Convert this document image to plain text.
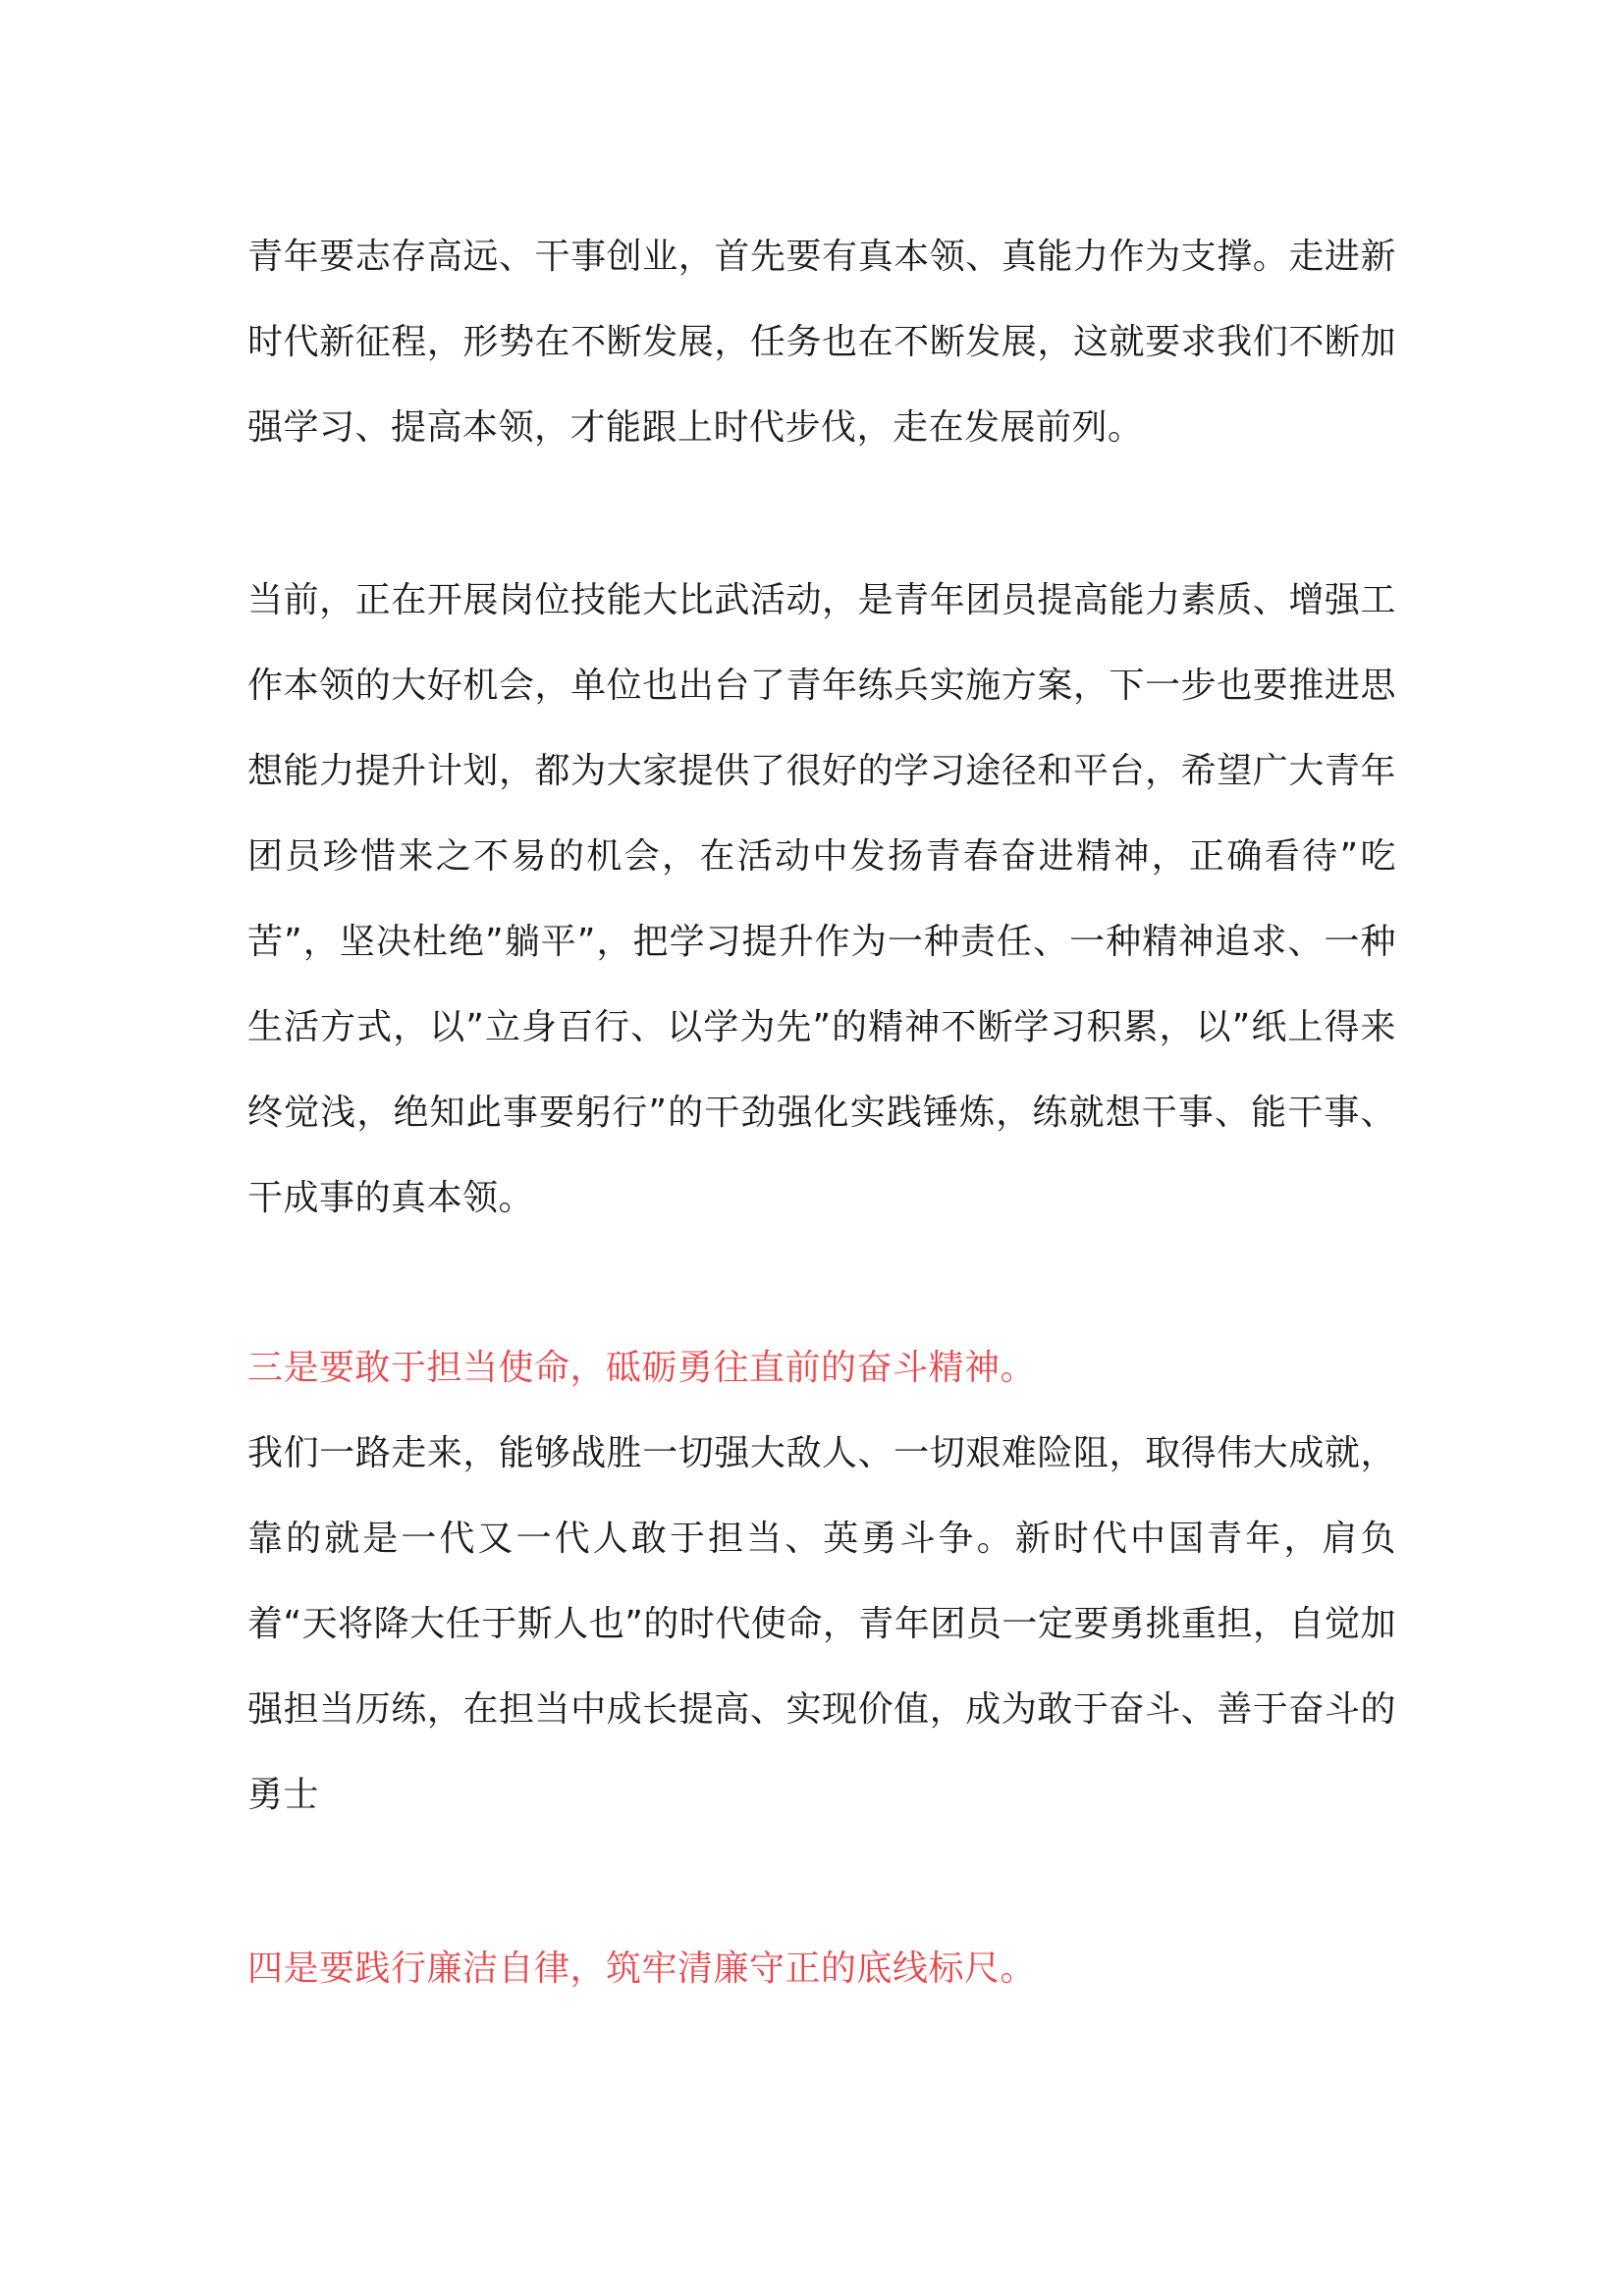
青年要志存高远、干事创业，首先要有真本领、真能力作为支撑。走进新时代新征程，形势在不断发展，任务也在不断发展，这就要求我们不断加强学习、提高本领，才能跟上时代步伐，走在发展前列。

当前，正在开展岗位技能大比武活动，是青年团员提高能力素质、增强工作本领的大好机会，单位也出台了青年练兵实施方案，下一步也要推进思想能力提升计划，都为大家提供了很好的学习途径和平台，希望广大青年团员珍惜来之不易的机会，在活动中发扬青春奋进精神，正确看待”吃苦”，坚决杜绝”躺平”，把学习提升作为一种责任、一种精神追求、一种生活方式，以”立身百行、以学为先”的精神不断学习积累，以”纸上得来终觉浅，绝知此事要躬行”的干劲强化实践锤炼，练就想干事、能干事、干成事的真本领。

三是要敢于担当使命，砥砺勇往直前的奋斗精神。

我们一路走来，能够战胜一切强大敌人、一切艰难险阻，取得伟大成就，靠的就是一代又一代人敢于担当、英勇斗争。新时代中国青年，肩负着“天将降大任于斯人也”的时代使命，青年团员一定要勇挑重担，自觉加强担当历练，在担当中成长提高、实现价值，成为敢于奋斗、善于奋斗的勇士

四是要践行廉洁自律，筑牢清廉守正的底线标尺。
